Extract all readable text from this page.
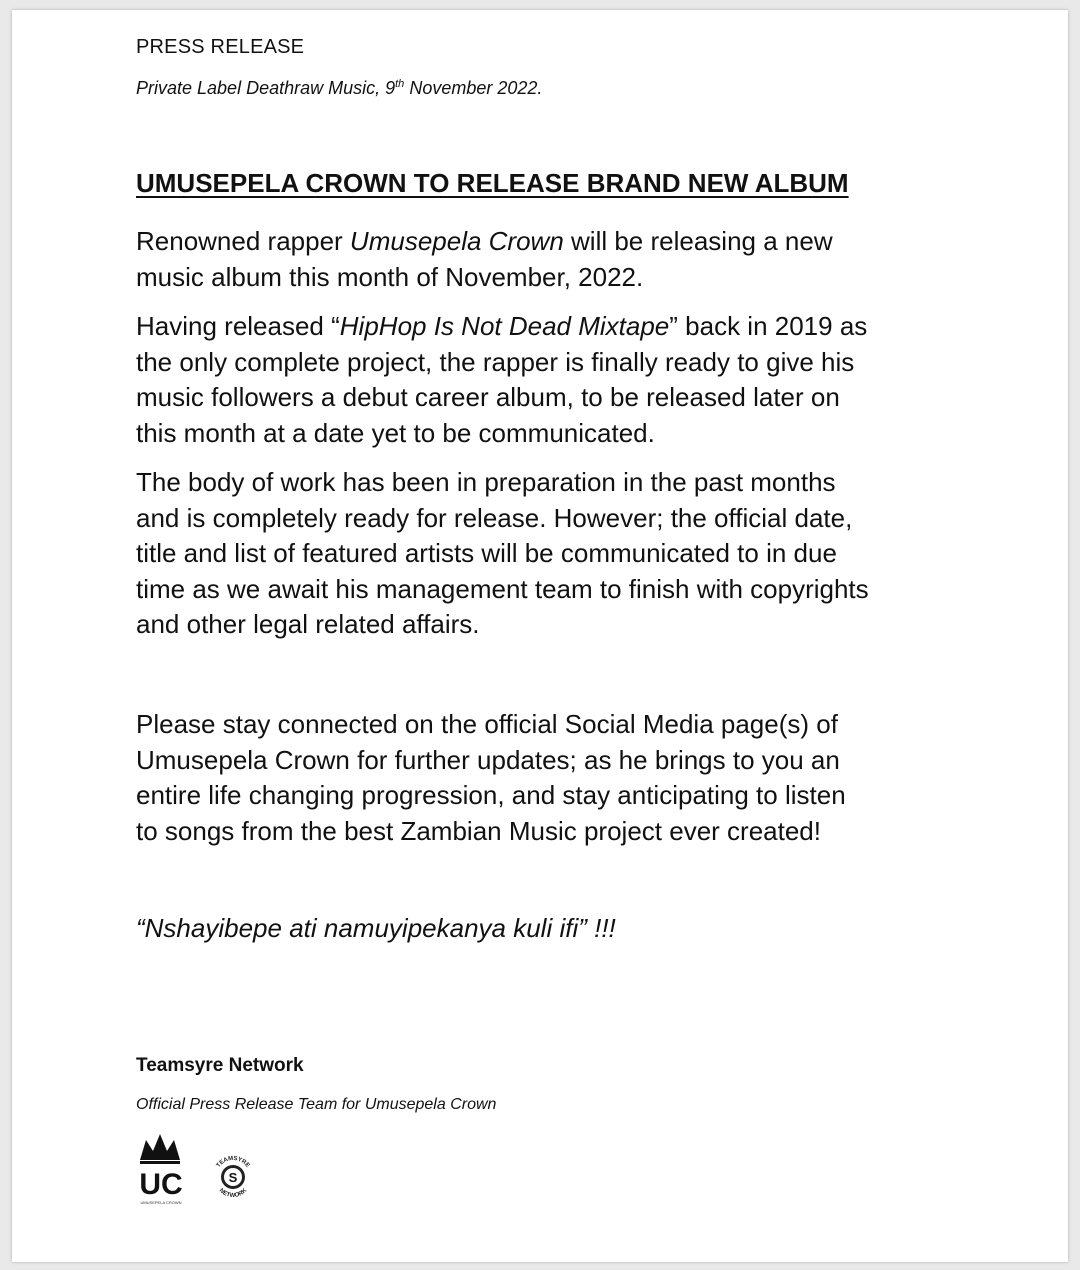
PRESS RELEASE
Private Label Deathraw Music, 9th November 2022.
UMUSEPELA CROWN TO RELEASE BRAND NEW ALBUM
Renowned rapper Umusepela Crown will be releasing a new
music album this month of November, 2022.
Having released “HipHop Is Not Dead Mixtape” back in 2019 as
the only complete project, the rapper is finally ready to give his
music followers a debut career album, to be released later on
this month at a date yet to be communicated.
The body of work has been in preparation in the past months
and is completely ready for release. However; the official date,
title and list of featured artists will be communicated to in due
time as we await his management team to finish with copyrights
and other legal related affairs.
Please stay connected on the official Social Media page(s) of
Umusepela Crown for further updates; as he brings to you an
entire life changing progression, and stay anticipating to listen
to songs from the best Zambian Music project ever created!
“Nshayibepe ati namuyipekanya kuli ifi” !!!
Teamsyre Network
Official Press Release Team for Umusepela Crown
UC
UMUSEPELA CROWN
S
TEAMSYRE
NETWORK
